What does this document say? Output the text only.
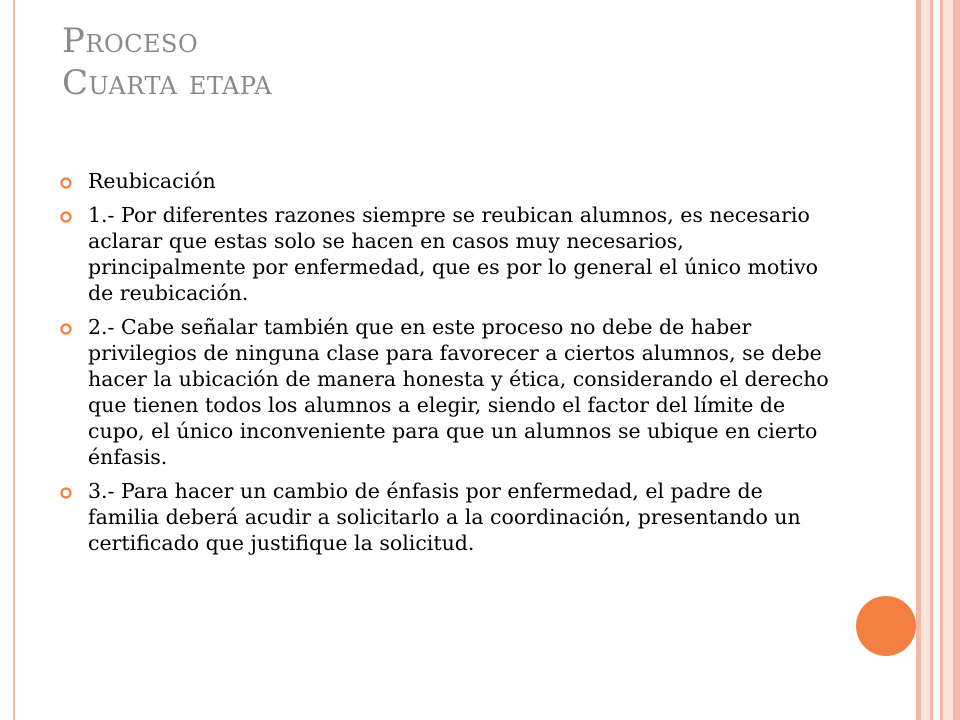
Proceso
Cuarta etapa
Reubicación
1.- Por diferentes razones siempre se reubican alumnos, es necesario aclarar que estas solo se hacen en casos muy necesarios, principalmente por enfermedad, que es por lo general el único motivo de reubicación.
2.- Cabe señalar también que en este proceso no debe de haber privilegios de ninguna clase para favorecer a ciertos alumnos, se debe hacer la ubicación de manera honesta y ética, considerando el derecho que tienen todos los alumnos a elegir, siendo el factor del límite de cupo, el único inconveniente para que un alumnos se ubique en cierto énfasis.
3.- Para hacer un cambio de énfasis por enfermedad, el padre de familia deberá acudir a solicitarlo a la coordinación, presentando un certificado que justifique la solicitud.
